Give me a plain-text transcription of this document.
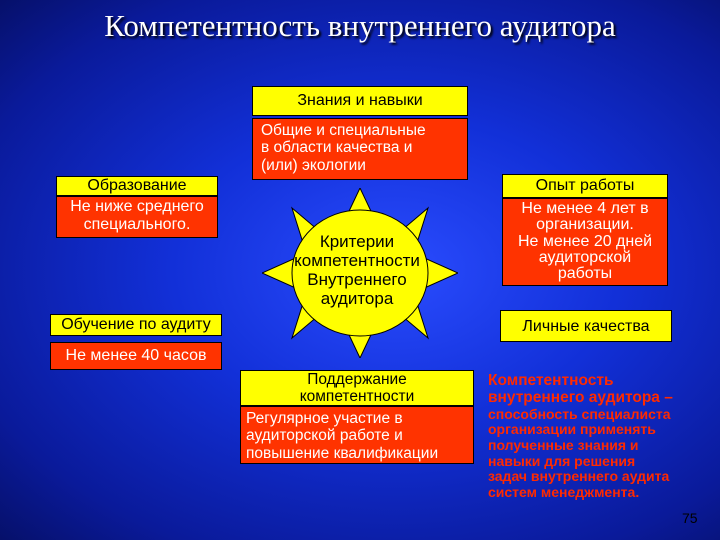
Компетентность внутреннего аудитора
Знания и навыки
Общие и специальные
в области качества и
(или) экологии
Образование
Не ниже среднего
специального.
Опыт работы
Не менее 4 лет в
организации.
Не менее 20 дней
аудиторской
работы
Критерии
компетентности
Внутреннего
аудитора
Обучение по аудиту
Не менее 40 часов
Личные качества
Поддержание
компетентности
Регулярное участие в
аудиторской работе и
повышение квалификации
Компетентность
внутреннего аудитора –
способность специалиста
организации применять
полученные знания и
навыки для решения
задач внутреннего аудита
систем менеджмента.
75
